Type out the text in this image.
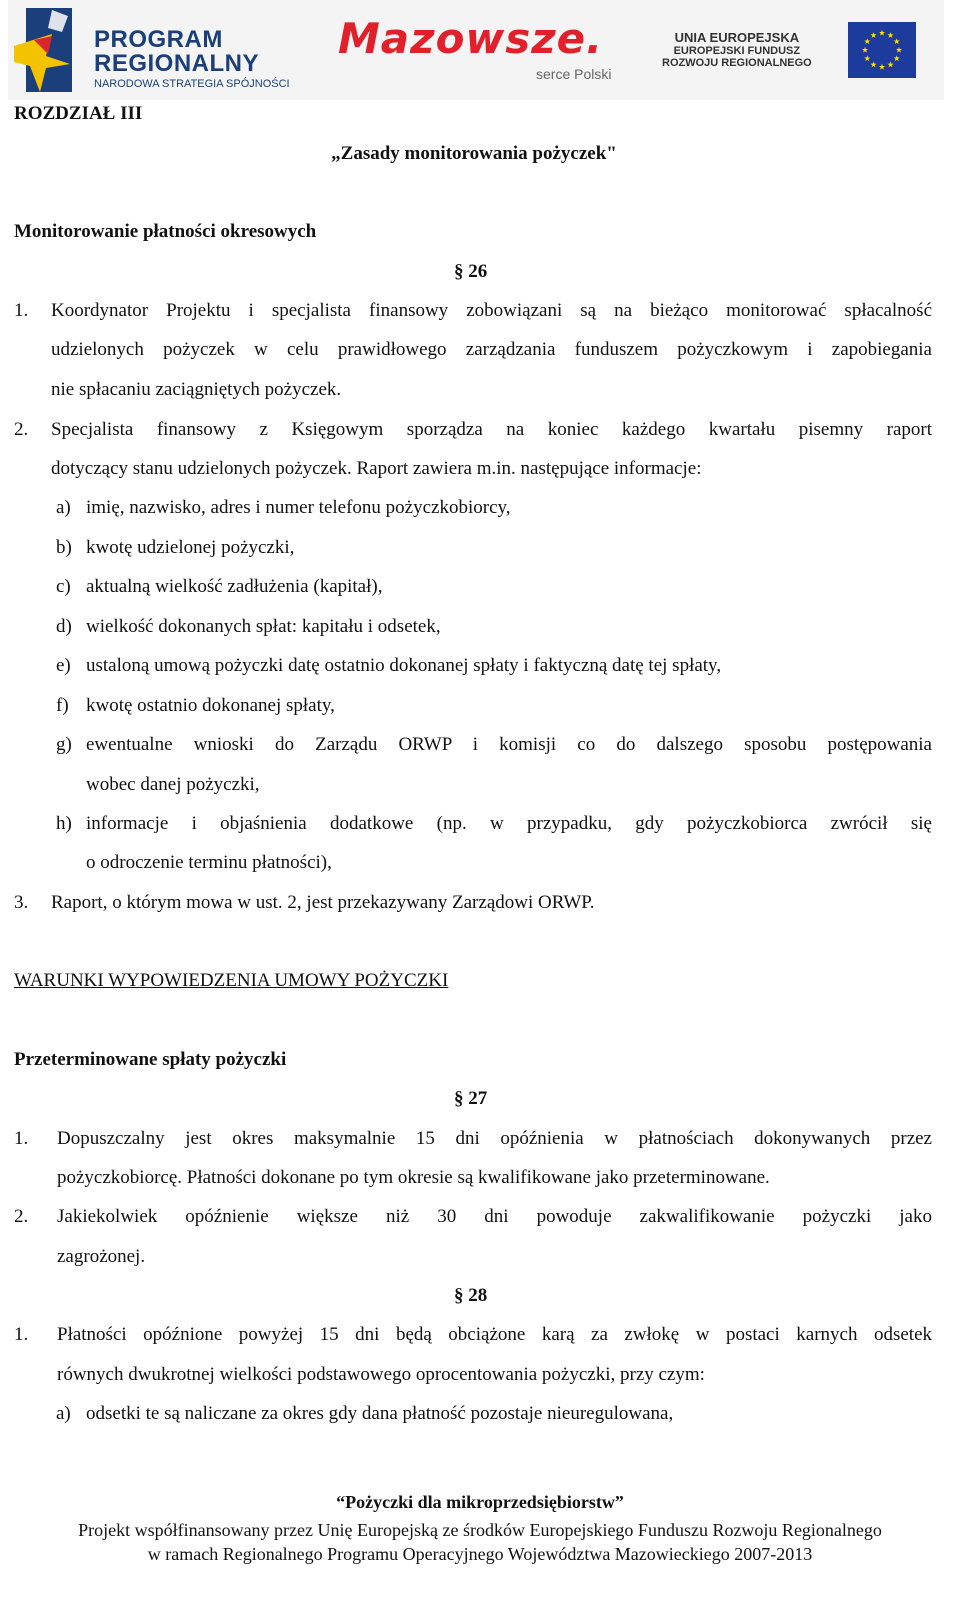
PROGRAM
REGIONALNY
NARODOWA STRATEGIA SPÓJNOŚCI
Mazowsze.
serce Polski
UNIA EUROPEJSKA
EUROPEJSKI FUNDUSZ
ROZWOJU REGIONALNEGO
ROZDZIAŁ III
„Zasady monitorowania pożyczek"
Monitorowanie płatności okresowych
§ 26
1. Koordynator Projektu i specjalista finansowy zobowiązani są na bieżąco monitorować spłacalność
udzielonych pożyczek w celu prawidłowego zarządzania funduszem pożyczkowym i zapobiegania
nie spłacaniu zaciągniętych pożyczek.
2. Specjalista finansowy z Księgowym sporządza na koniec każdego kwartału pisemny raport
dotyczący stanu udzielonych pożyczek. Raport zawiera m.in. następujące informacje:
a) imię, nazwisko, adres i numer telefonu pożyczkobiorcy,
b) kwotę udzielonej pożyczki,
c) aktualną wielkość zadłużenia (kapitał),
d) wielkość dokonanych spłat: kapitału i odsetek,
e) ustaloną umową pożyczki datę ostatnio dokonanej spłaty i faktyczną datę tej spłaty,
f) kwotę ostatnio dokonanej spłaty,
g) ewentualne wnioski do Zarządu ORWP i komisji co do dalszego sposobu postępowania
wobec danej pożyczki,
h) informacje i objaśnienia dodatkowe (np. w przypadku, gdy pożyczkobiorca zwrócił się
o odroczenie terminu płatności),
3. Raport, o którym mowa w ust. 2, jest przekazywany Zarządowi ORWP.
WARUNKI WYPOWIEDZENIA UMOWY POŻYCZKI
Przeterminowane spłaty pożyczki
§ 27
1. Dopuszczalny jest okres maksymalnie 15 dni opóźnienia w płatnościach dokonywanych przez
pożyczkobiorcę. Płatności dokonane po tym okresie są kwalifikowane jako przeterminowane.
2. Jakiekolwiek opóźnienie większe niż 30 dni powoduje zakwalifikowanie pożyczki jako
zagrożonej.
§ 28
1. Płatności opóźnione powyżej 15 dni będą obciążone karą za zwłokę w postaci karnych odsetek
równych dwukrotnej wielkości podstawowego oprocentowania pożyczki, przy czym:
a) odsetki te są naliczane za okres gdy dana płatność pozostaje nieuregulowana,
“Pożyczki dla mikroprzedsiębiorstw”
Projekt współfinansowany przez Unię Europejską ze środków Europejskiego Funduszu Rozwoju Regionalnego
w ramach Regionalnego Programu Operacyjnego Województwa Mazowieckiego 2007-2013
